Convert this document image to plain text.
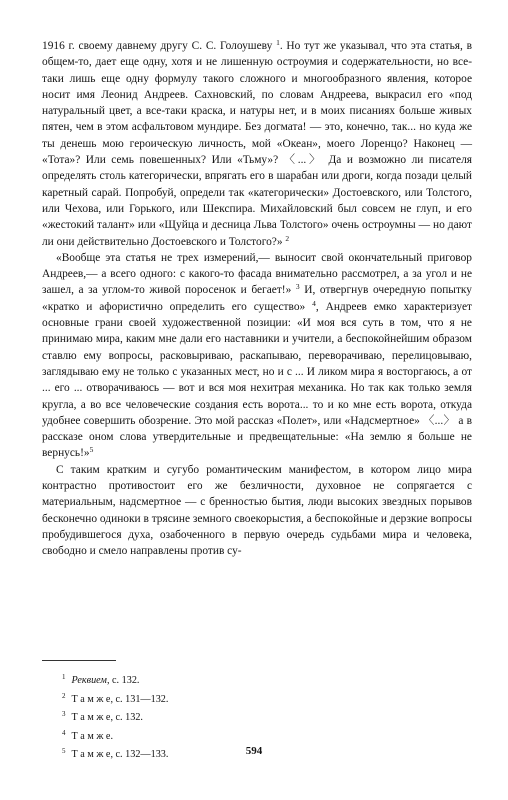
1916 г. своему давнему другу С. С. Голоушеву $^1$. Но тут же указывал, что эта статья, в общем-то, дает еще одну, хотя и не лишенную остроумия и содержательности, но все-таки лишь еще одну формулу такого сложного и многообразного явления, которое носит имя Леонид Андреев. Сахновский, по словам Андреева, выкрасил его «под натуральный цвет, а все-таки краска, и натуры нет, и в моих писаниях больше живых пятен, чем в этом асфальтовом мундире. Без догмата! — это, конечно, так... но куда же ты денешь мою героическую личность, мой «Океан», моего Лоренцо? Наконец — «Тота»? Или семь повешенных? Или «Тьму»? 〈...〉 Да и возможно ли писателя определять столь категорически, впрягать его в шарабан или дроги, когда позади целый каретный сарай. Попробуй, определи так «категорически» Достоевского, или Толстого, или Чехова, или Горького, или Шекспира. Михайловский был совсем не глуп, и его «жестокий талант» или «Щуйца и десница Льва Толстого» очень остроумны — но дают ли они действительно Достоевского и Толстого?» $^2$

«Вообще эта статья не трех измерений,— выносит свой окончательный приговор Андреев,— а всего одного: с какого-то фасада внимательно рассмотрел, а за угол и не зашел, а за углом-то живой поросенок и бегает!» $^3$ И, отвергнув очередную попытку «кратко и афористично определить его существо» $^4$, Андреев емко характеризует основные грани своей художественной позиции: «И моя вся суть в том, что я не принимаю мира, каким мне дали его наставники и учители, а беспокойнейшим образом ставлю ему вопросы, расковыриваю, раскапываю, переворачиваю, перелицовываю, заглядываю ему не только с указанных мест, но и с ... И ликом мира я восторгаюсь, а от ... его ... отворачиваюсь — вот и вся моя нехитрая механика. Но так как только земля кругла, а во все человеческие создания есть ворота... то и ко мне есть ворота, откуда удобнее совершить обозрение. Это мой рассказ «Полет», или «Надсмертное» 〈...〉 а в рассказе оном слова утвердительные и предвещательные: «На землю я больше не вернусь!»$^5$

С таким кратким и сугубо романтическим манифестом, в котором лицо мира контрастно противостоит его же безличности, духовное не сопрягается с материальным, надсмертное — с бренностью бытия, люди высоких звездных порывов бесконечно одиноки в трясине земного своекорыстия, а беспокойные и дерзкие вопросы пробудившегося духа, озабоченного в первую очередь судьбами мира и человека, свободно и смело направлены против су-

$^1$ Реквием, с. 132.
$^2$ Т а м ж е, с. 131—132.
$^3$ Т а м ж е, с. 132.
$^4$ Т а м ж е.
$^5$ Т а м ж е, с. 132—133.	594
